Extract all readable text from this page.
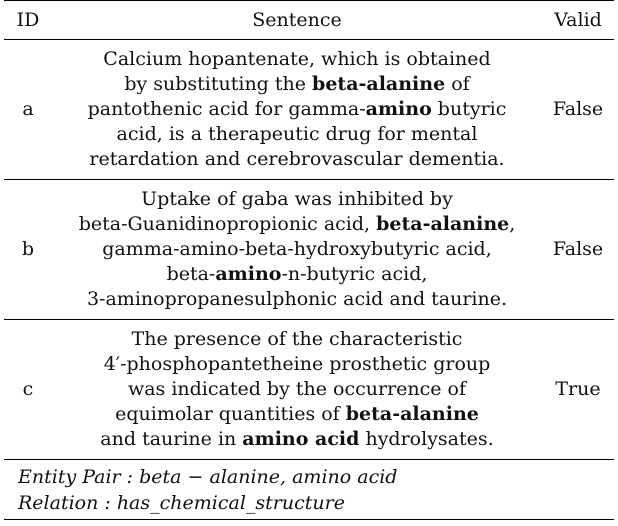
ID	Sentence	Valid
a	Calcium hopantenate, which is obtained
by substituting the beta-alanine of
pantothenic acid for gamma-amino butyric
acid, is a therapeutic drug for mental
retardation and cerebrovascular dementia.	False
b	Uptake of gaba was inhibited by
beta-Guanidinopropionic acid, beta-alanine,
gamma-amino-beta-hydroxybutyric acid,
beta-amino-n-butyric acid,
3-aminopropanesulphonic acid and taurine.	False
c	The presence of the characteristic
4′-phosphopantetheine prosthetic group
was indicated by the occurrence of
equimolar quantities of beta-alanine
and taurine in amino acid hydrolysates.	True
Entity Pair : beta − alanine, amino acid
Relation : has_chemical_structure
